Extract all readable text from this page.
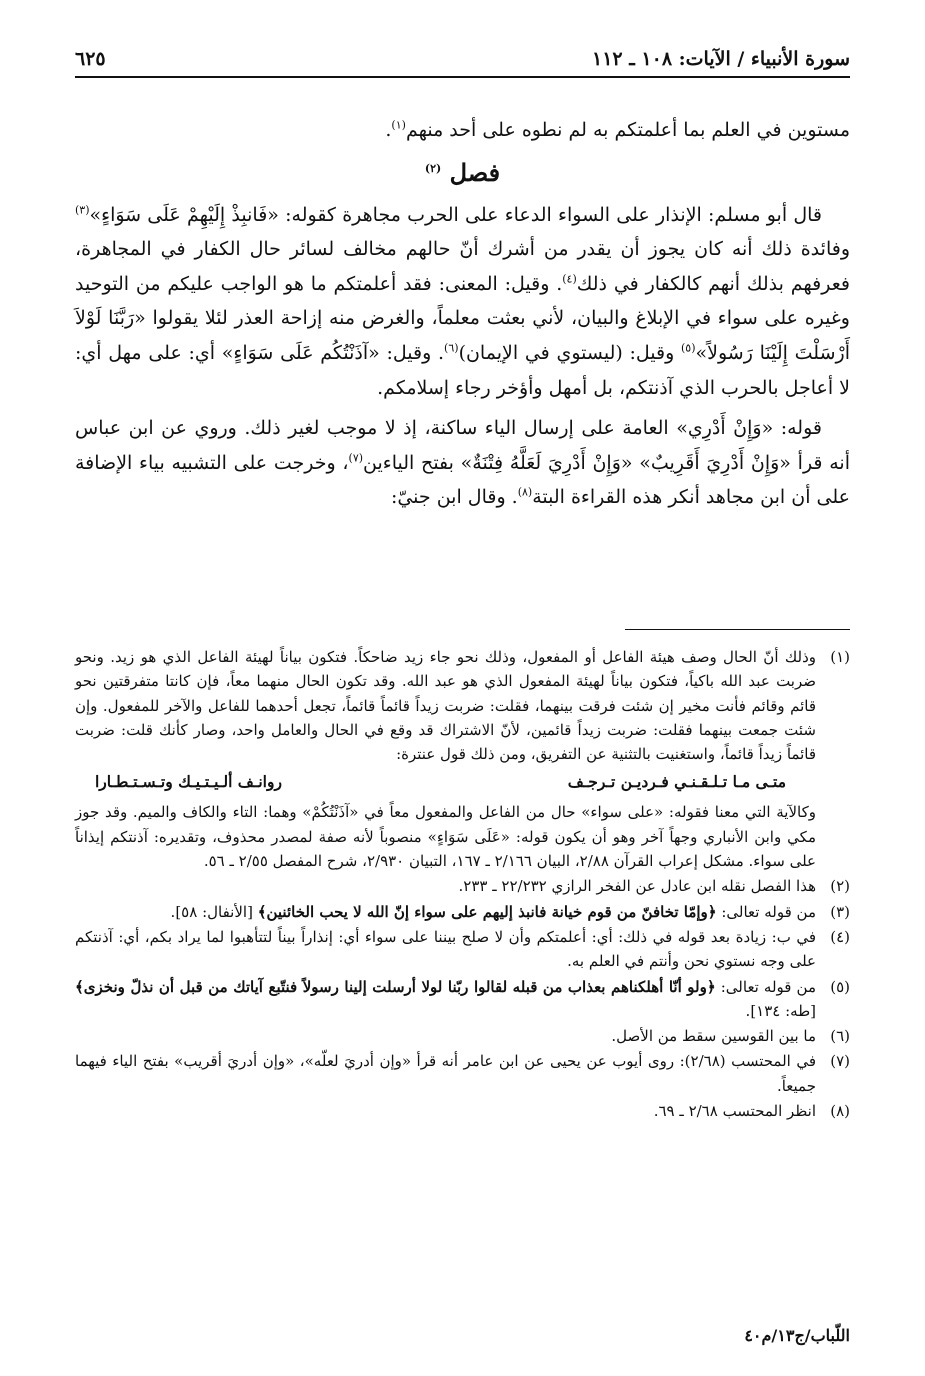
سورة الأنبياء / الآيات: ١٠٨ ـ ١١٢
٦٢٥

مستوين في العلم بما أعلمتكم به لم نطوه على أحد منهم$^{(١)}$.

فصل $^{(٢)}$

قال أبو مسلم: الإنذار على السواء الدعاء على الحرب مجاهرة كقوله: «فَانبِذْ إِلَيْهِمْ عَلَى سَوَاءٍ»$^{(٣)}$ وفائدة ذلك أنه كان يجوز أن يقدر من أشرك أنّ حالهم مخالف لسائر حال الكفار في المجاهرة، فعرفهم بذلك أنهم كالكفار في ذلك$^{(٤)}$. وقيل: المعنى: فقد أعلمتكم ما هو الواجب عليكم من التوحيد وغيره على سواء في الإبلاغ والبيان، لأني بعثت معلماً، والغرض منه إزاحة العذر لئلا يقولوا «رَبَّنَا لَوْلاَ أَرْسَلْتَ إِلَيْنَا رَسُولاً»$^{(٥)}$ وقيل: (ليستوي في الإيمان)$^{(٦)}$. وقيل: «آذَنْتُكُم عَلَى سَوَاءٍ» أي: على مهل أي: لا أعاجل بالحرب الذي آذنتكم، بل أمهل وأؤخر رجاء إسلامكم.

قوله: «وَإِنْ أَدْرِي» العامة على إرسال الياء ساكنة، إذ لا موجب لغير ذلك. وروي عن ابن عباس أنه قرأ «وَإِنْ أَدْرِيَ أَقَرِيبٌ» «وَإِنْ أَدْرِيَ لَعَلَّهُ فِتْنَةٌ» بفتح الياءين$^{(٧)}$، وخرجت على التشبيه بياء الإضافة على أن ابن مجاهد أنكر هذه القراءة البتة$^{(٨)}$. وقال ابن جنيّ:

(١)
وذلك أنّ الحال وصف هيئة الفاعل أو المفعول، وذلك نحو جاء زيد ضاحكاً. فتكون بياناً لهيئة الفاعل الذي هو زيد. ونحو ضربت عبد الله باكياً، فتكون بياناً لهيئة المفعول الذي هو عبد الله. وقد تكون الحال منهما معاً، فإن كانتا متفرقتين نحو قائم وقائم فأنت مخير إن شئت فرقت بينهما، فقلت: ضربت زيداً قائماً قائماً، تجعل أحدهما للفاعل والآخر للمفعول. وإن شئت جمعت بينهما فقلت: ضربت زيداً قائمين، لأنّ الاشتراك قد وقع في الحال والعامل واحد، وصار كأنك قلت: ضربت قائماً زيداً قائماً، واستغنيت بالتثنية عن التفريق، ومن ذلك قول عنترة:
متـى مـا تـلـقـنـي فـرديـن تـرجـف
روانـف ألـيـتـيـك وتـسـتـطـارا
وكالآية التي معنا فقوله: «على سواء» حال من الفاعل والمفعول معاً في «آذَنْتُكُمْ» وهما: التاء والكاف والميم. وقد جوز مكي وابن الأنباري وجهاً آخر وهو أن يكون قوله: «عَلَى سَوَاءٍ» منصوباً لأنه صفة لمصدر محذوف، وتقديره: آذنتكم إيذاناً على سواء. مشكل إعراب القرآن ٢/٨٨، البيان ٢/١٦٦ ـ ١٦٧، التبيان ٢/٩٣٠، شرح المفصل ٢/٥٥ ـ ٥٦.
(٢)
هذا الفصل نقله ابن عادل عن الفخر الرازي ٢٢/٢٣٢ ـ ٢٣٣.
(٣)
من قوله تعالى: ﴿وإمّا تخافنّ من قوم خيانة فانبذ إليهم على سواء إنّ الله لا يحب الخائنين﴾ [الأنفال: ٥٨].
(٤)
في ب: زيادة بعد قوله في ذلك: أي: أعلمتكم وأن لا صلح بيننا على سواء أي: إنذاراً بيناً لتتأهبوا لما يراد بكم، أي: آذنتكم على وجه نستوي نحن وأنتم في العلم به.
(٥)
من قوله تعالى: ﴿ولو أنّا أهلكناهم بعذاب من قبله لقالوا ربّنا لولا أرسلت إلينا رسولاً فنتّبع آياتك من قبل أن نذلّ ونخزى﴾ [طه: ١٣٤].
(٦)
ما بين القوسين سقط من الأصل.
(٧)
في المحتسب (٢/٦٨): روى أيوب عن يحيى عن ابن عامر أنه قرأ «وإن أدريَ لعلّه»، «وإن أدريَ أقريب» بفتح الياء فيهما جميعاً.
(٨)
انظر المحتسب ٢/٦٨ ـ ٦٩.
اللّباب/ج١٣/م٤٠
